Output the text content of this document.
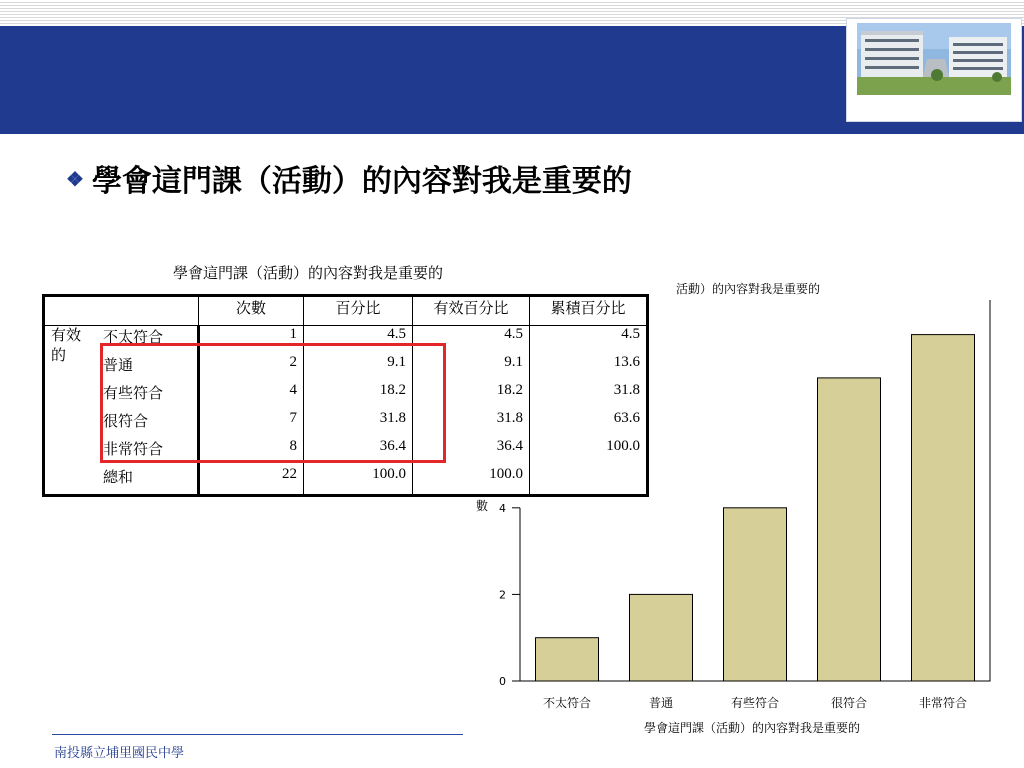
❖ 學會這門課（活動）的內容對我是重要的
學會這門課（活動）的內容對我是重要的
		次數	百分比	有效百分比	累積百分比
有效的	不太符合	1	4.5	4.5	4.5
	普通	2	9.1	9.1	13.6
	有些符合	4	18.2	18.2	31.8
	很符合	7	31.8	31.8	63.6
	非常符合	8	36.4	36.4	100.0
	總和	22	100.0	100.0	
活動）的內容對我是重要的
0
2
4
不太符合	普通	有些符合	很符合	非常符合
數
學會這門課（活動）的內容對我是重要的
南投縣立埔里國民中學
